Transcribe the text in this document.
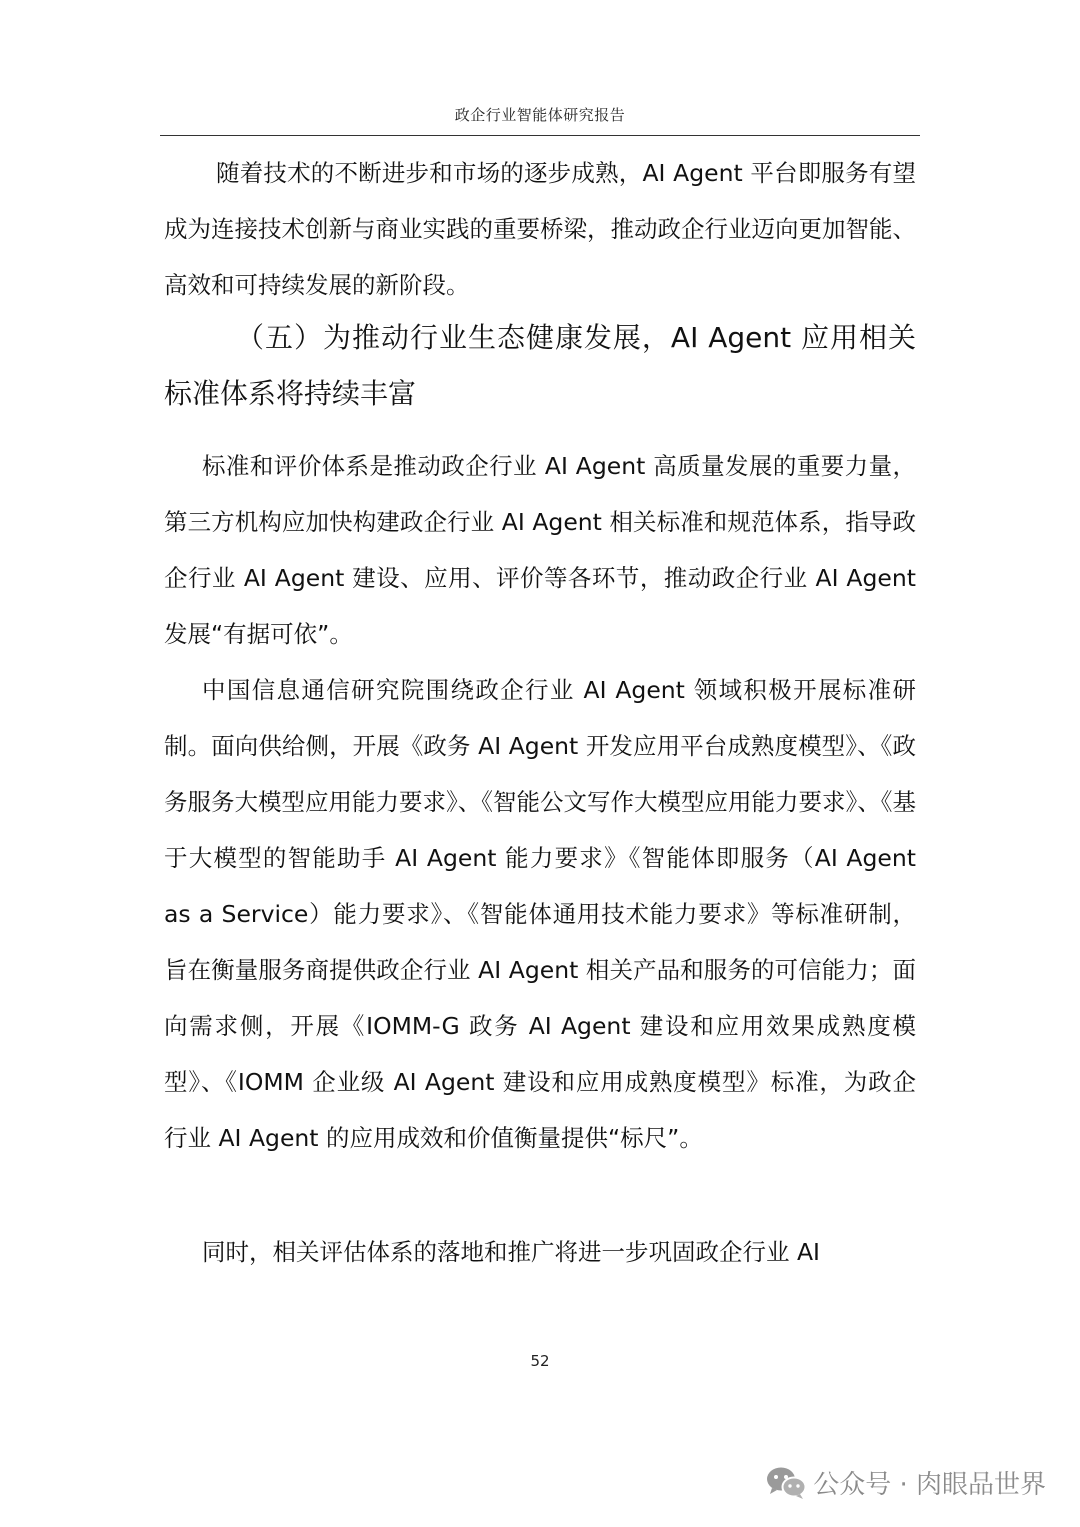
政企行业智能体研究报告

随着技术的不断进步和市场的逐步成熟，AI Agent 平台即服务有望成为连接技术创新与商业实践的重要桥梁，推动政企行业迈向更加智能、高效和可持续发展的新阶段。

（五）为推动行业生态健康发展，AI Agent 应用相关标准体系将持续丰富

标准和评价体系是推动政企行业 AI Agent 高质量发展的重要力量，第三方机构应加快构建政企行业 AI Agent 相关标准和规范体系，指导政企行业 AI Agent 建设、应用、评价等各环节，推动政企行业 AI Agent 发展“有据可依”。

中国信息通信研究院围绕政企行业 AI Agent 领域积极开展标准研制。面向供给侧，开展《政务 AI Agent 开发应用平台成熟度模型》、《政务服务大模型应用能力要求》、《智能公文写作大模型应用能力要求》、《基于大模型的智能助手 AI Agent 能力要求》《智能体即服务（AI Agent as a Service）能力要求》、《智能体通用技术能力要求》等标准研制，旨在衡量服务商提供政企行业 AI Agent 相关产品和服务的可信能力；面向需求侧，开展《IOMM-G 政务 AI Agent 建设和应用效果成熟度模型》、《IOMM 企业级 AI Agent 建设和应用成熟度模型》标准，为政企行业 AI Agent 的应用成效和价值衡量提供“标尺”。

同时，相关评估体系的落地和推广将进一步巩固政企行业 AI

52
公众号 · 肉眼品世界
